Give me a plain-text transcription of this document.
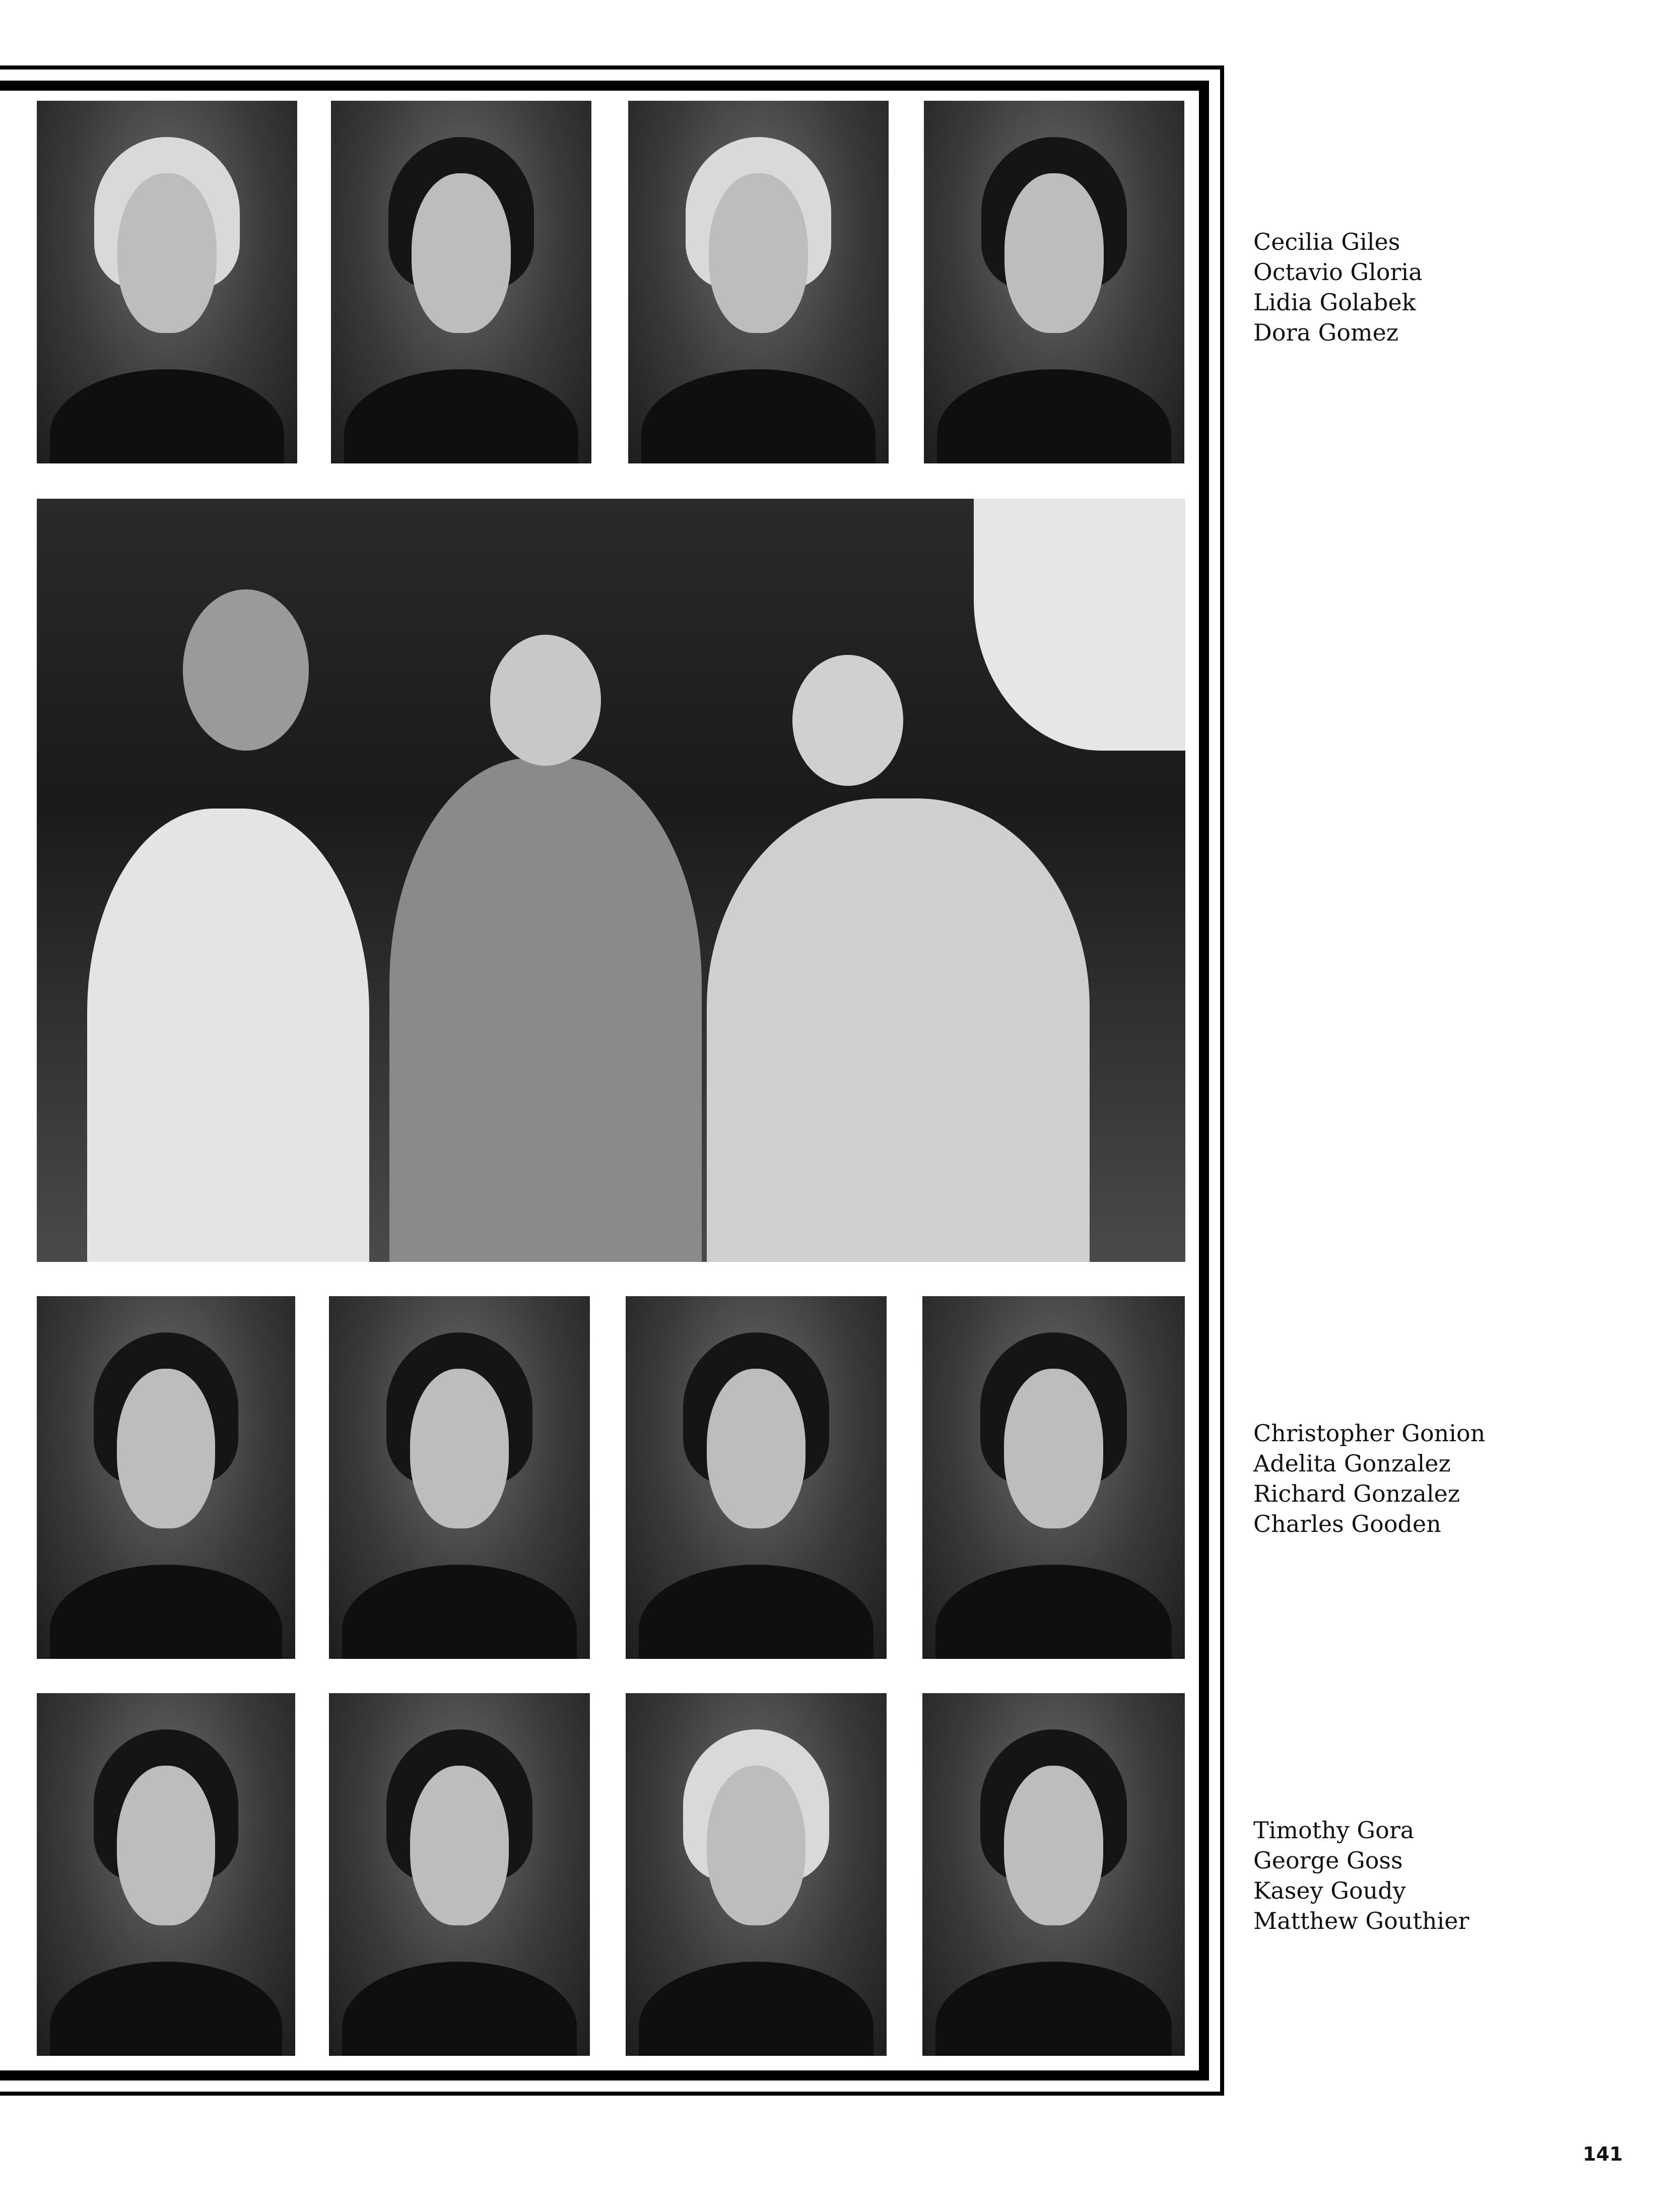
Cecilia Giles
Octavio Gloria
Lidia Golabek
Dora Gomez
Christopher Gonion
Adelita Gonzalez
Richard Gonzalez
Charles Gooden
Timothy Gora
George Goss
Kasey Goudy
Matthew Gouthier
141
